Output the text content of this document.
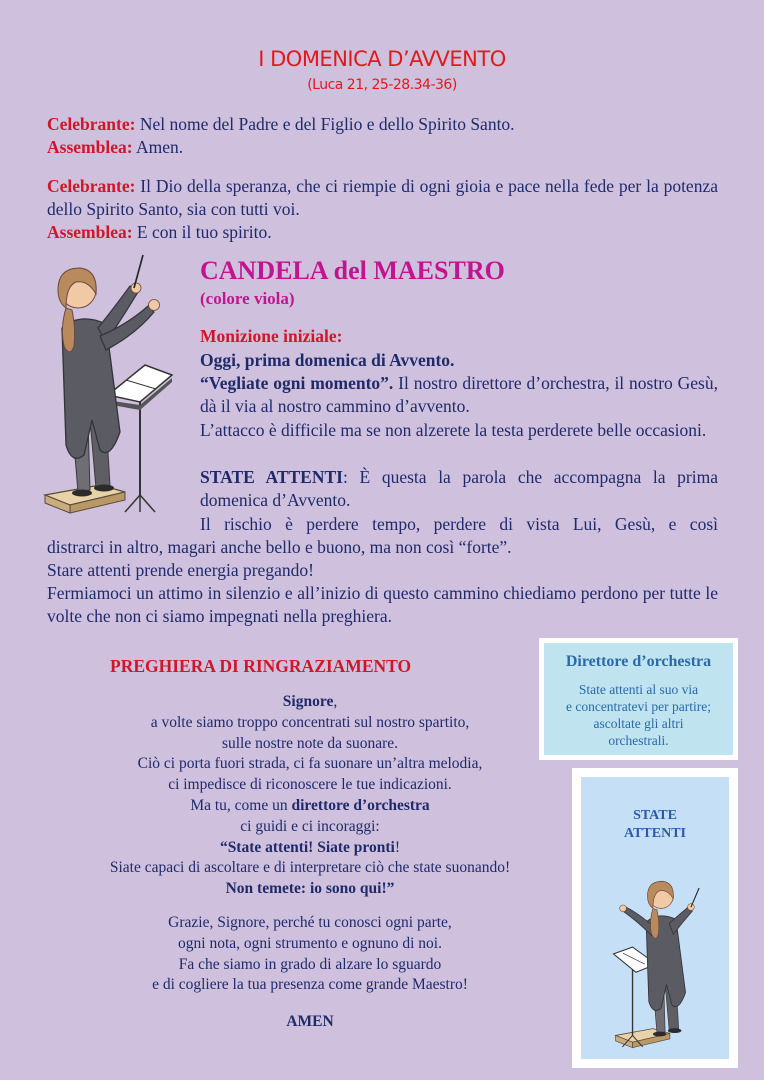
I DOMENICA D’AVVENTO
(Luca 21, 25-28.34-36)
Celebrante: Nel nome del Padre e del Figlio e dello Spirito Santo.
Assemblea: Amen.
Celebrante: Il Dio della speranza, che ci riempie di ogni gioia e pace nella fede per la potenza dello Spirito Santo, sia con tutti voi.
Assemblea: E con il tuo spirito.
CANDELA del MAESTRO
(colore viola)
Monizione iniziale:
Oggi, prima domenica di Avvento.
“Vegliate ogni momento”. Il nostro direttore d’orchestra, il nostro Gesù, dà il via al nostro cammino d’avvento.
L’attacco è difficile ma se non alzerete la testa perderete belle occasioni.
STATE ATTENTI: È questa la parola che accompagna la prima domenica d’Avvento.
Il rischio è perdere tempo, perdere di vista Lui, Gesù, e così
distrarci in altro, magari anche bello e buono, ma non così “forte”.
Stare attenti prende energia pregando!
Fermiamoci un attimo in silenzio e all’inizio di questo cammino chiediamo perdono per tutte le volte che non ci siamo impegnati nella preghiera.
PREGHIERA DI RINGRAZIAMENTO
Signore,
a volte siamo troppo concentrati sul nostro spartito,
sulle nostre note da suonare.
Ciò ci porta fuori strada, ci fa suonare un’altra melodia,
ci impedisce di riconoscere le tue indicazioni.
Ma tu, come un direttore d’orchestra
ci guidi e ci incoraggi:
“State attenti! Siate pronti!
Siate capaci di ascoltare e di interpretare ciò che state suonando!
Non temete: io sono qui!”
Grazie, Signore, perché tu conosci ogni parte,
ogni nota, ogni strumento e ognuno di noi.
Fa che siamo in grado di alzare lo sguardo
e di cogliere la tua presenza come grande Maestro!
AMEN
Direttore d’orchestra
State attenti al suo via
e concentratevi per partire;
ascoltate gli altri
orchestrali.
STATE
ATTENTI
